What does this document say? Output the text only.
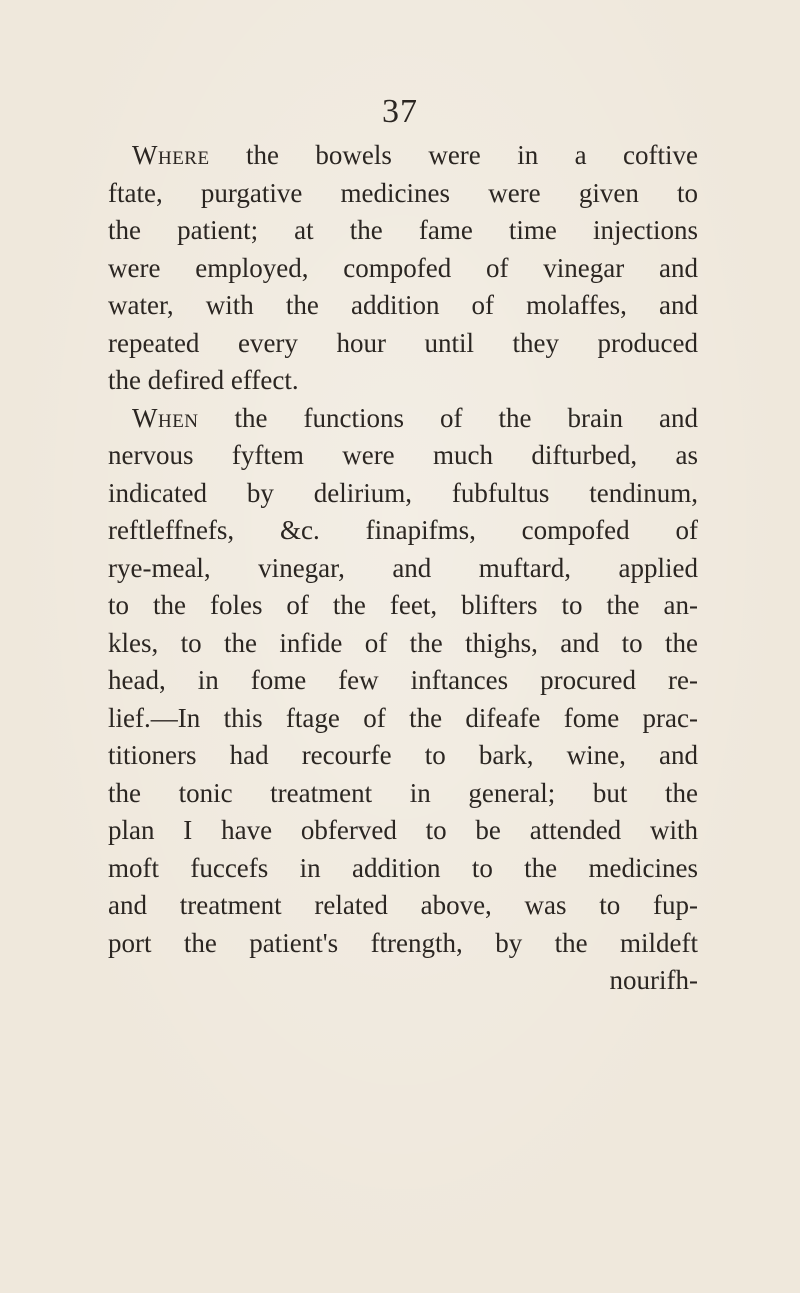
37
Where the bowels were in a coftive
ftate, purgative medicines were given to
the patient; at the fame time injections
were employed, compofed of vinegar and
water, with the addition of molaffes, and
repeated every hour until they produced
the defired effect.
When the functions of the brain and
nervous fyftem were much difturbed, as
indicated by delirium, fubfultus tendinum,
reftleffnefs, &c. finapifms, compofed of
rye-meal, vinegar, and muftard, applied
to the foles of the feet, blifters to the an-
kles, to the infide of the thighs, and to the
head, in fome few inftances procured re-
lief.—In this ftage of the difeafe fome prac-
titioners had recourfe to bark, wine, and
the tonic treatment in general; but the
plan I have obferved to be attended with
moft fuccefs in addition to the medicines
and treatment related above, was to fup-
port the patient's ftrength, by the mildeft
nourifh-
